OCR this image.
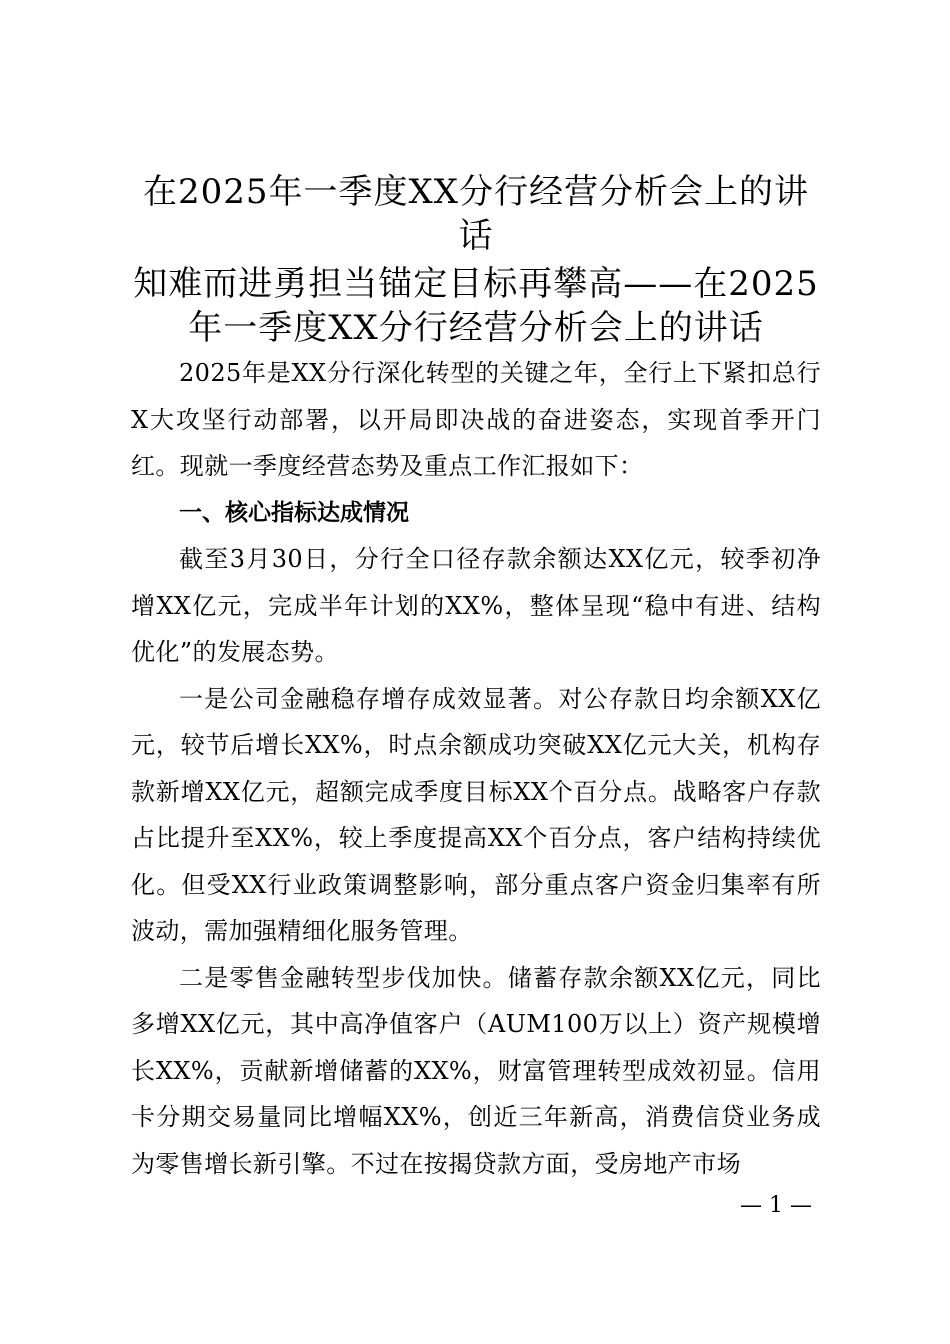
在2025年一季度XX分行经营分析会上的讲话
知难而进勇担当锚定目标再攀高——在2025年一季度XX分行经营分析会上的讲话

2025年是XX分行深化转型的关键之年，全行上下紧扣总行X大攻坚行动部署，以开局即决战的奋进姿态，实现首季开门红。现就一季度经营态势及重点工作汇报如下：

一、核心指标达成情况

截至3月30日，分行全口径存款余额达XX亿元，较季初净增XX亿元，完成半年计划的XX%，整体呈现“稳中有进、结构优化”的发展态势。

一是公司金融稳存增存成效显著。对公存款日均余额XX亿元，较节后增长XX%，时点余额成功突破XX亿元大关，机构存款新增XX亿元，超额完成季度目标XX个百分点。战略客户存款占比提升至XX%，较上季度提高XX个百分点，客户结构持续优化。但受XX行业政策调整影响，部分重点客户资金归集率有所波动，需加强精细化服务管理。

二是零售金融转型步伐加快。储蓄存款余额XX亿元，同比多增XX亿元，其中高净值客户（AUM100万以上）资产规模增长XX%，贡献新增储蓄的XX%，财富管理转型成效初显。信用卡分期交易量同比增幅XX%，创近三年新高，消费信贷业务成为零售增长新引擎。不过在按揭贷款方面，受房地产市场

— 1 —
